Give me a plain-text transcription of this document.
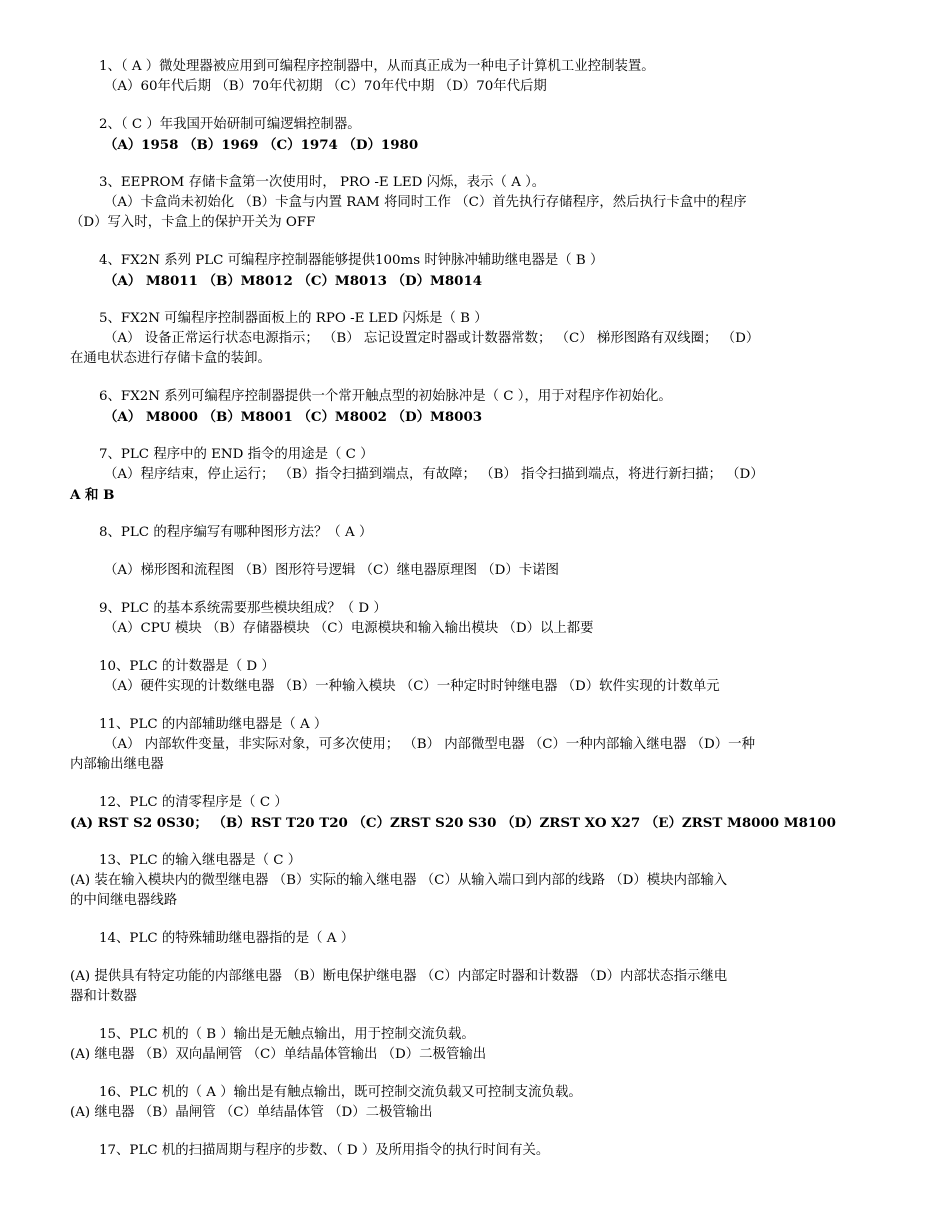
1、（ A ）微处理器被应用到可编程序控制器中，从而真正成为一种电子计算机工业控制装置。
（A）60年代后期 （B）70年代初期 （C）70年代中期 （D）70年代后期
2、（ C ）年我国开始研制可编逻辑控制器。
（A）1958 （B）1969 （C）1974 （D）1980
3、EEPROM 存储卡盒第一次使用时， PRO -E LED 闪烁，表示（ A ）。
（A）卡盒尚未初始化 （B）卡盒与内置 RAM 将同时工作 （C）首先执行存储程序，然后执行卡盒中的程序
（D）写入时，卡盒上的保护开关为 OFF
4、FX2N 系列 PLC 可编程序控制器能够提供100ms 时钟脉冲辅助继电器是（ B ）
（A） M8011 （B）M8012 （C）M8013 （D）M8014
5、FX2N 可编程序控制器面板上的 RPO -E LED 闪烁是（ B ）
（A） 设备正常运行状态电源指示； （B） 忘记设置定时器或计数器常数； （C） 梯形图路有双线圈； （D）
在通电状态进行存储卡盒的装卸。
6、FX2N 系列可编程序控制器提供一个常开触点型的初始脉冲是（ C ），用于对程序作初始化。
（A） M8000 （B）M8001 （C）M8002 （D）M8003
7、PLC 程序中的 END 指令的用途是（ C ）
（A）程序结束，停止运行； （B）指令扫描到端点，有故障； （B） 指令扫描到端点，将进行新扫描； （D）
A 和 B
8、PLC 的程序编写有哪种图形方法？（ A ）
（A）梯形图和流程图 （B）图形符号逻辑 （C）继电器原理图 （D）卡诺图
9、PLC 的基本系统需要那些模块组成？（ D ）
（A）CPU 模块 （B）存储器模块 （C）电源模块和输入输出模块 （D）以上都要
10、PLC 的计数器是（ D ）
（A）硬件实现的计数继电器 （B）一种输入模块 （C）一种定时时钟继电器 （D）软件实现的计数单元
11、PLC 的内部辅助继电器是（ A ）
（A） 内部软件变量，非实际对象，可多次使用； （B） 内部微型电器 （C）一种内部输入继电器 （D）一种
内部输出继电器
12、PLC 的清零程序是（ C ）
(A) RST S2 0S30； （B）RST T20 T20 （C）ZRST S20 S30 （D）ZRST XO X27 （E）ZRST M8000 M8100
13、PLC 的输入继电器是（ C ）
(A) 装在输入模块内的微型继电器 （B）实际的输入继电器 （C）从输入端口到内部的线路 （D）模块内部输入
的中间继电器线路
14、PLC 的特殊辅助继电器指的是（ A ）
(A) 提供具有特定功能的内部继电器 （B）断电保护继电器 （C）内部定时器和计数器 （D）内部状态指示继电
器和计数器
15、PLC 机的（ B ）输出是无触点输出，用于控制交流负载。
(A) 继电器 （B）双向晶闸管 （C）单结晶体管输出 （D）二极管输出
16、PLC 机的（ A ）输出是有触点输出，既可控制交流负载又可控制支流负载。
(A) 继电器 （B）晶闸管 （C）单结晶体管 （D）二极管输出
17、PLC 机的扫描周期与程序的步数、（ D ）及所用指令的执行时间有关。
